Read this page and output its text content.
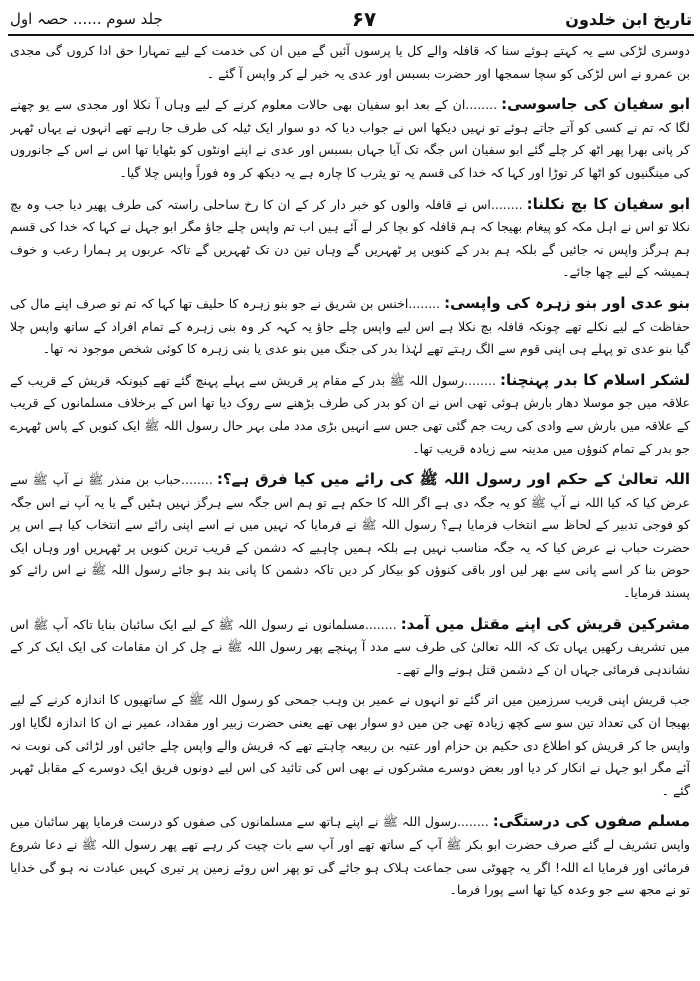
تاریخ ابن خلدون
۶۷
جلد سوم ...... حصہ اول

دوسری لڑکی سے یہ کہتے ہوئے سنا کہ قافلہ والے کل یا پرسوں آئیں گے میں ان کی خدمت کے لیے تمہارا حق ادا کروں گی مجدی بن عمرو نے اس لڑکی کو سچا سمجھا اور حضرت بسبس اور عدی یہ خبر لے کر واپس آ گئے ۔

ابو سفیان کی جاسوسی:........ان کے بعد ابو سفیان بھی حالات معلوم کرنے کے لیے وہاں آ نکلا اور مجدی سے یو چھنے لگا کہ تم نے کسی کو آتے جاتے ہوئے تو نہیں دیکھا اس نے جواب دیا کہ دو سوار ایک ٹیلہ کی طرف جا رہے تھے انہوں نے یہاں ٹھہر کر پانی بھرا پھر اٹھ کر چلے گئے ابو سفیان اس جگہ تک آیا جہاں بسبس اور عدی نے اپنے اونٹوں کو بٹھایا تھا اس نے اس کے جانوروں کی مینگنیوں کو اٹھا کر توڑا اور کہا کہ خدا کی قسم یہ تو یثرب کا چارہ ہے یہ دیکھ کر وہ فوراً واپس چلا گیا۔

ابو سفیان کا بچ نکلنا:........اس نے قافلہ والوں کو خبر دار کر کے ان کا رخ ساحلی راستہ کی طرف پھیر دیا جب وہ بچ نکلا تو اس نے اہل مکہ کو پیغام بھیجا کہ ہم قافلہ کو بچا کر لے آئے ہیں اب تم واپس چلے جاؤ مگر ابو جہل نے کہا کہ خدا کی قسم ہم ہرگز واپس نہ جائیں گے بلکہ ہم بدر کے کنویں پر ٹھہریں گے وہاں تین دن تک ٹھہریں گے تاکہ عربوں پر ہمارا رعب و خوف ہمیشہ کے لیے چھا جائے۔

بنو عدی اور بنو زہرہ کی واپسی:........اخنس بن شریق نے جو بنو زہرہ کا حلیف تھا کہا کہ تم تو صرف اپنے مال کی حفاظت کے لیے نکلے تھے چونکہ قافلہ بچ نکلا ہے اس لیے واپس چلے جاؤ یہ کہہ کر وہ بنی زہرہ کے تمام افراد کے ساتھ واپس چلا گیا بنو عدی تو پہلے ہی اپنی قوم سے الگ رہتے تھے لہٰذا بدر کی جنگ میں بنو عدی یا بنی زہرہ کا کوئی شخص موجود نہ تھا۔

لشکر اسلام کا بدر پہنچنا:........رسول اللہ ﷺ بدر کے مقام پر قریش سے پہلے پہنچ گئے تھے کیونکہ قریش کے قریب کے علاقہ میں جو موسلا دھار بارش ہوئی تھی اس نے ان کو بدر کی طرف بڑھنے سے روک دیا تھا اس کے برخلاف مسلمانوں کے قریب کے علاقہ میں بارش سے وادی کی ریت جم گئی تھی جس سے انہیں بڑی مدد ملی بہر حال رسول اللہ ﷺ ایک کنویں کے پاس ٹھہرے جو بدر کے تمام کنوؤں میں مدینہ سے زیادہ قریب تھا۔

اللہ تعالیٰ کے حکم اور رسول اللہ ﷺ کی رائے میں کیا فرق ہے؟:........حباب بن منذر ﷺ نے آپ ﷺ سے عرض کیا کہ کیا اللہ نے آپ ﷺ کو یہ جگہ دی ہے اگر اللہ کا حکم ہے تو ہم اس جگہ سے ہرگز نہیں ہٹیں گے یا یہ آپ نے اس جگہ کو فوجی تدبیر کے لحاظ سے انتخاب فرمایا ہے؟ رسول اللہ ﷺ نے فرمایا کہ نہیں میں نے اسے اپنی رائے سے انتخاب کیا ہے اس پر حضرت حباب نے عرض کیا کہ یہ جگہ مناسب نہیں ہے بلکہ ہمیں چاہیے کہ دشمن کے قریب ترین کنویں پر ٹھہریں اور وہاں ایک حوض بنا کر اسے پانی سے بھر لیں اور باقی کنوؤں کو بیکار کر دیں تاکہ دشمن کا پانی بند ہو جائے رسول اللہ ﷺ نے اس رائے کو پسند فرمایا۔

مشرکین قریش کی اپنے مقتل میں آمد:........مسلمانوں نے رسول اللہ ﷺ کے لیے ایک سائبان بنایا تاکہ آپ ﷺ اس میں تشریف رکھیں یہاں تک کہ اللہ تعالیٰ کی طرف سے مدد آ پہنچے پھر رسول اللہ ﷺ نے چل کر ان مقامات کی ایک ایک کر کے نشاندہی فرمائی جہاں ان کے دشمن قتل ہونے والے تھے۔

جب قریش اپنی قریب سرزمین میں اتر گئے تو انہوں نے عمیر بن وہب جمحی کو رسول اللہ ﷺ کے ساتھیوں کا اندازہ کرنے کے لیے بھیجا ان کی تعداد تین سو سے کچھ زیادہ تھی جن میں دو سوار بھی تھے یعنی حضرت زبیر اور مقداد، عمیر نے ان کا اندازہ لگایا اور واپس جا کر قریش کو اطلاع دی حکیم بن حزام اور عتبہ بن ربیعہ چاہتے تھے کہ قریش والے واپس چلے جائیں اور لڑائی کی نوبت نہ آئے مگر ابو جہل نے انکار کر دیا اور بعض دوسرے مشرکوں نے بھی اس کی تائید کی اس لیے دونوں فریق ایک دوسرے کے مقابل ٹھہر گئے ۔

مسلم صفوں کی درستگی:........رسول اللہ ﷺ نے اپنے ہاتھ سے مسلمانوں کی صفوں کو درست فرمایا پھر سائبان میں واپس تشریف لے گئے صرف حضرت ابو بکر ﷺ آپ کے ساتھ تھے اور آپ سے بات چیت کر رہے تھے پھر رسول اللہ ﷺ نے دعا شروع فرمائی اور فرمایا اے اللہ! اگر یہ چھوٹی سی جماعت ہلاک ہو جائے گی تو پھر اس روئے زمین پر تیری کہیں عبادت نہ ہو گی خدایا تو نے مجھ سے جو وعدہ کیا تھا اسے پورا فرما۔
